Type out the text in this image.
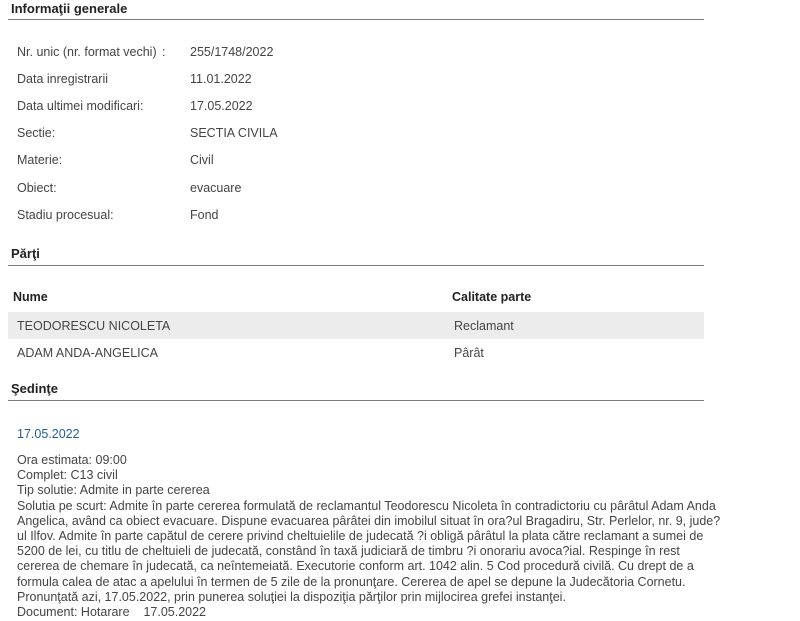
Informaţii generale
Nr. unic (nr. format vechi) : 255/1748/2022
Data inregistrarii	11.01.2022
Data ultimei modificari:	17.05.2022
Sectie:	SECTIA CIVILA
Materie:	Civil
Obiect:	evacuare
Stadiu procesual:	Fond
Părţi
Nume	Calitate parte
TEODORESCU NICOLETA	Reclamant
ADAM ANDA-ANGELICA	Pârât
Şedinţe
17.05.2022
Ora estimata: 09:00
Complet: C13 civil
Tip solutie: Admite in parte cererea
Solutia pe scurt: Admite în parte cererea formulată de reclamantul Teodorescu Nicoleta în contradictoriu cu pârâtul Adam Anda
Angelica, având ca obiect evacuare. Dispune evacuarea pârâtei din imobilul situat în ora?ul Bragadiru, Str. Perlelor, nr. 9, jude?
ul Ilfov. Admite în parte capătul de cerere privind cheltuielile de judecată ?i obligă pârâtul la plata către reclamant a sumei de
5200 de lei, cu titlu de cheltuieli de judecată, constând în taxă judiciară de timbru ?i onorariu avoca?ial. Respinge în rest
cererea de chemare în judecată, ca neîntemeiată. Executorie conform art. 1042 alin. 5 Cod procedură civilă. Cu drept de a
formula calea de atac a apelului în termen de 5 zile de la pronunţare. Cererea de apel se depune la Judecătoria Cornetu.
Pronunţată azi, 17.05.2022, prin punerea soluţiei la dispoziţia părţilor prin mijlocirea grefei instanţei.
Document: Hotarare    17.05.2022
